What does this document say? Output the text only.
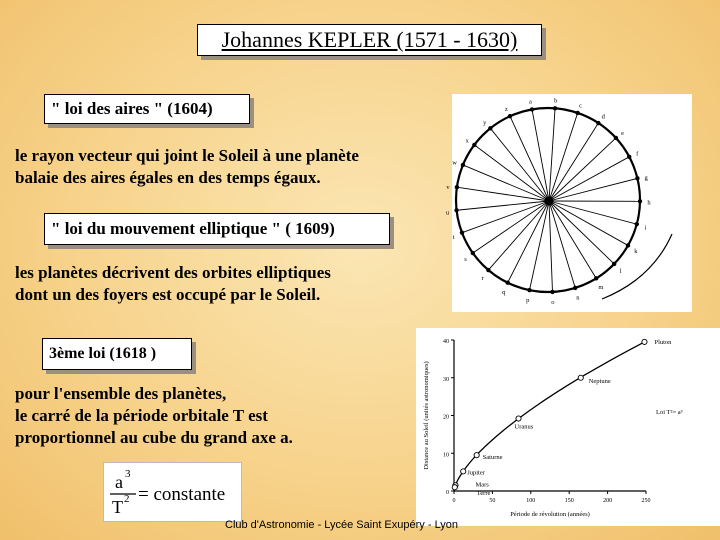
Johannes KEPLER (1571 - 1630)
" loi des aires " (1604)
le rayon vecteur qui joint le Soleil à une planète
balaie des aires égales en des temps égaux.
" loi du mouvement elliptique " ( 1609)
les planètes décrivent des orbites elliptiques
dont un des foyers est occupé par le Soleil.
3ème loi (1618 )
pour l'ensemble des planètes,
le carré de la période orbitale T est
proportionnel au cube du grand axe a.
a 3
T 2 = constante
a	b
c
d
e
f
g
h
i
k
l
m
n
o
p
q
r
s
t
u
v
w
x
y
z
0
10
20
30
40
0	50	100	150	200	250
Pluton
Neptune
Uranus
Saturne
Jupiter
Mars
Terre
Loi T²= a³
Période de révolution (années)
Distance au Soleil (unités astronomiques)
Club d'Astronomie - Lycée Saint Exupéry - Lyon
